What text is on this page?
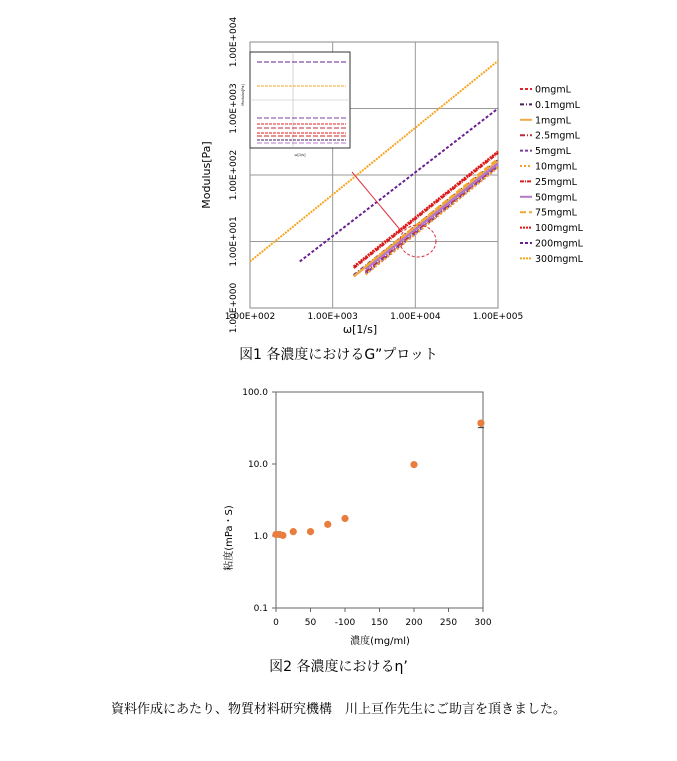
1.00E+002	1.00E+003	1.00E+004	1.00E+005
1.00E+000
1.00E+001
1.00E+002
1.00E+003
1.00E+004
Modulus[Pa]
ω[1/s]
0mgmL
0.1mgmL
1mgmL
2.5mgmL
5mgmL
10mgmL
25mgmL
50mgmL
75mgmL
100mgmL
200mgmL
300mgmL
ω[1/s]
Modulus[Pa]
図1 各濃度におけるG”プロット
0	50 -100 150 200 250 300
0.1
1.0
10.0
100.0
濃度(mg/ml)
粘度(mPa・S)
図2 各濃度におけるη’
資料作成にあたり、物質材料研究機構　川上亘作先生にご助言を頂きました。
